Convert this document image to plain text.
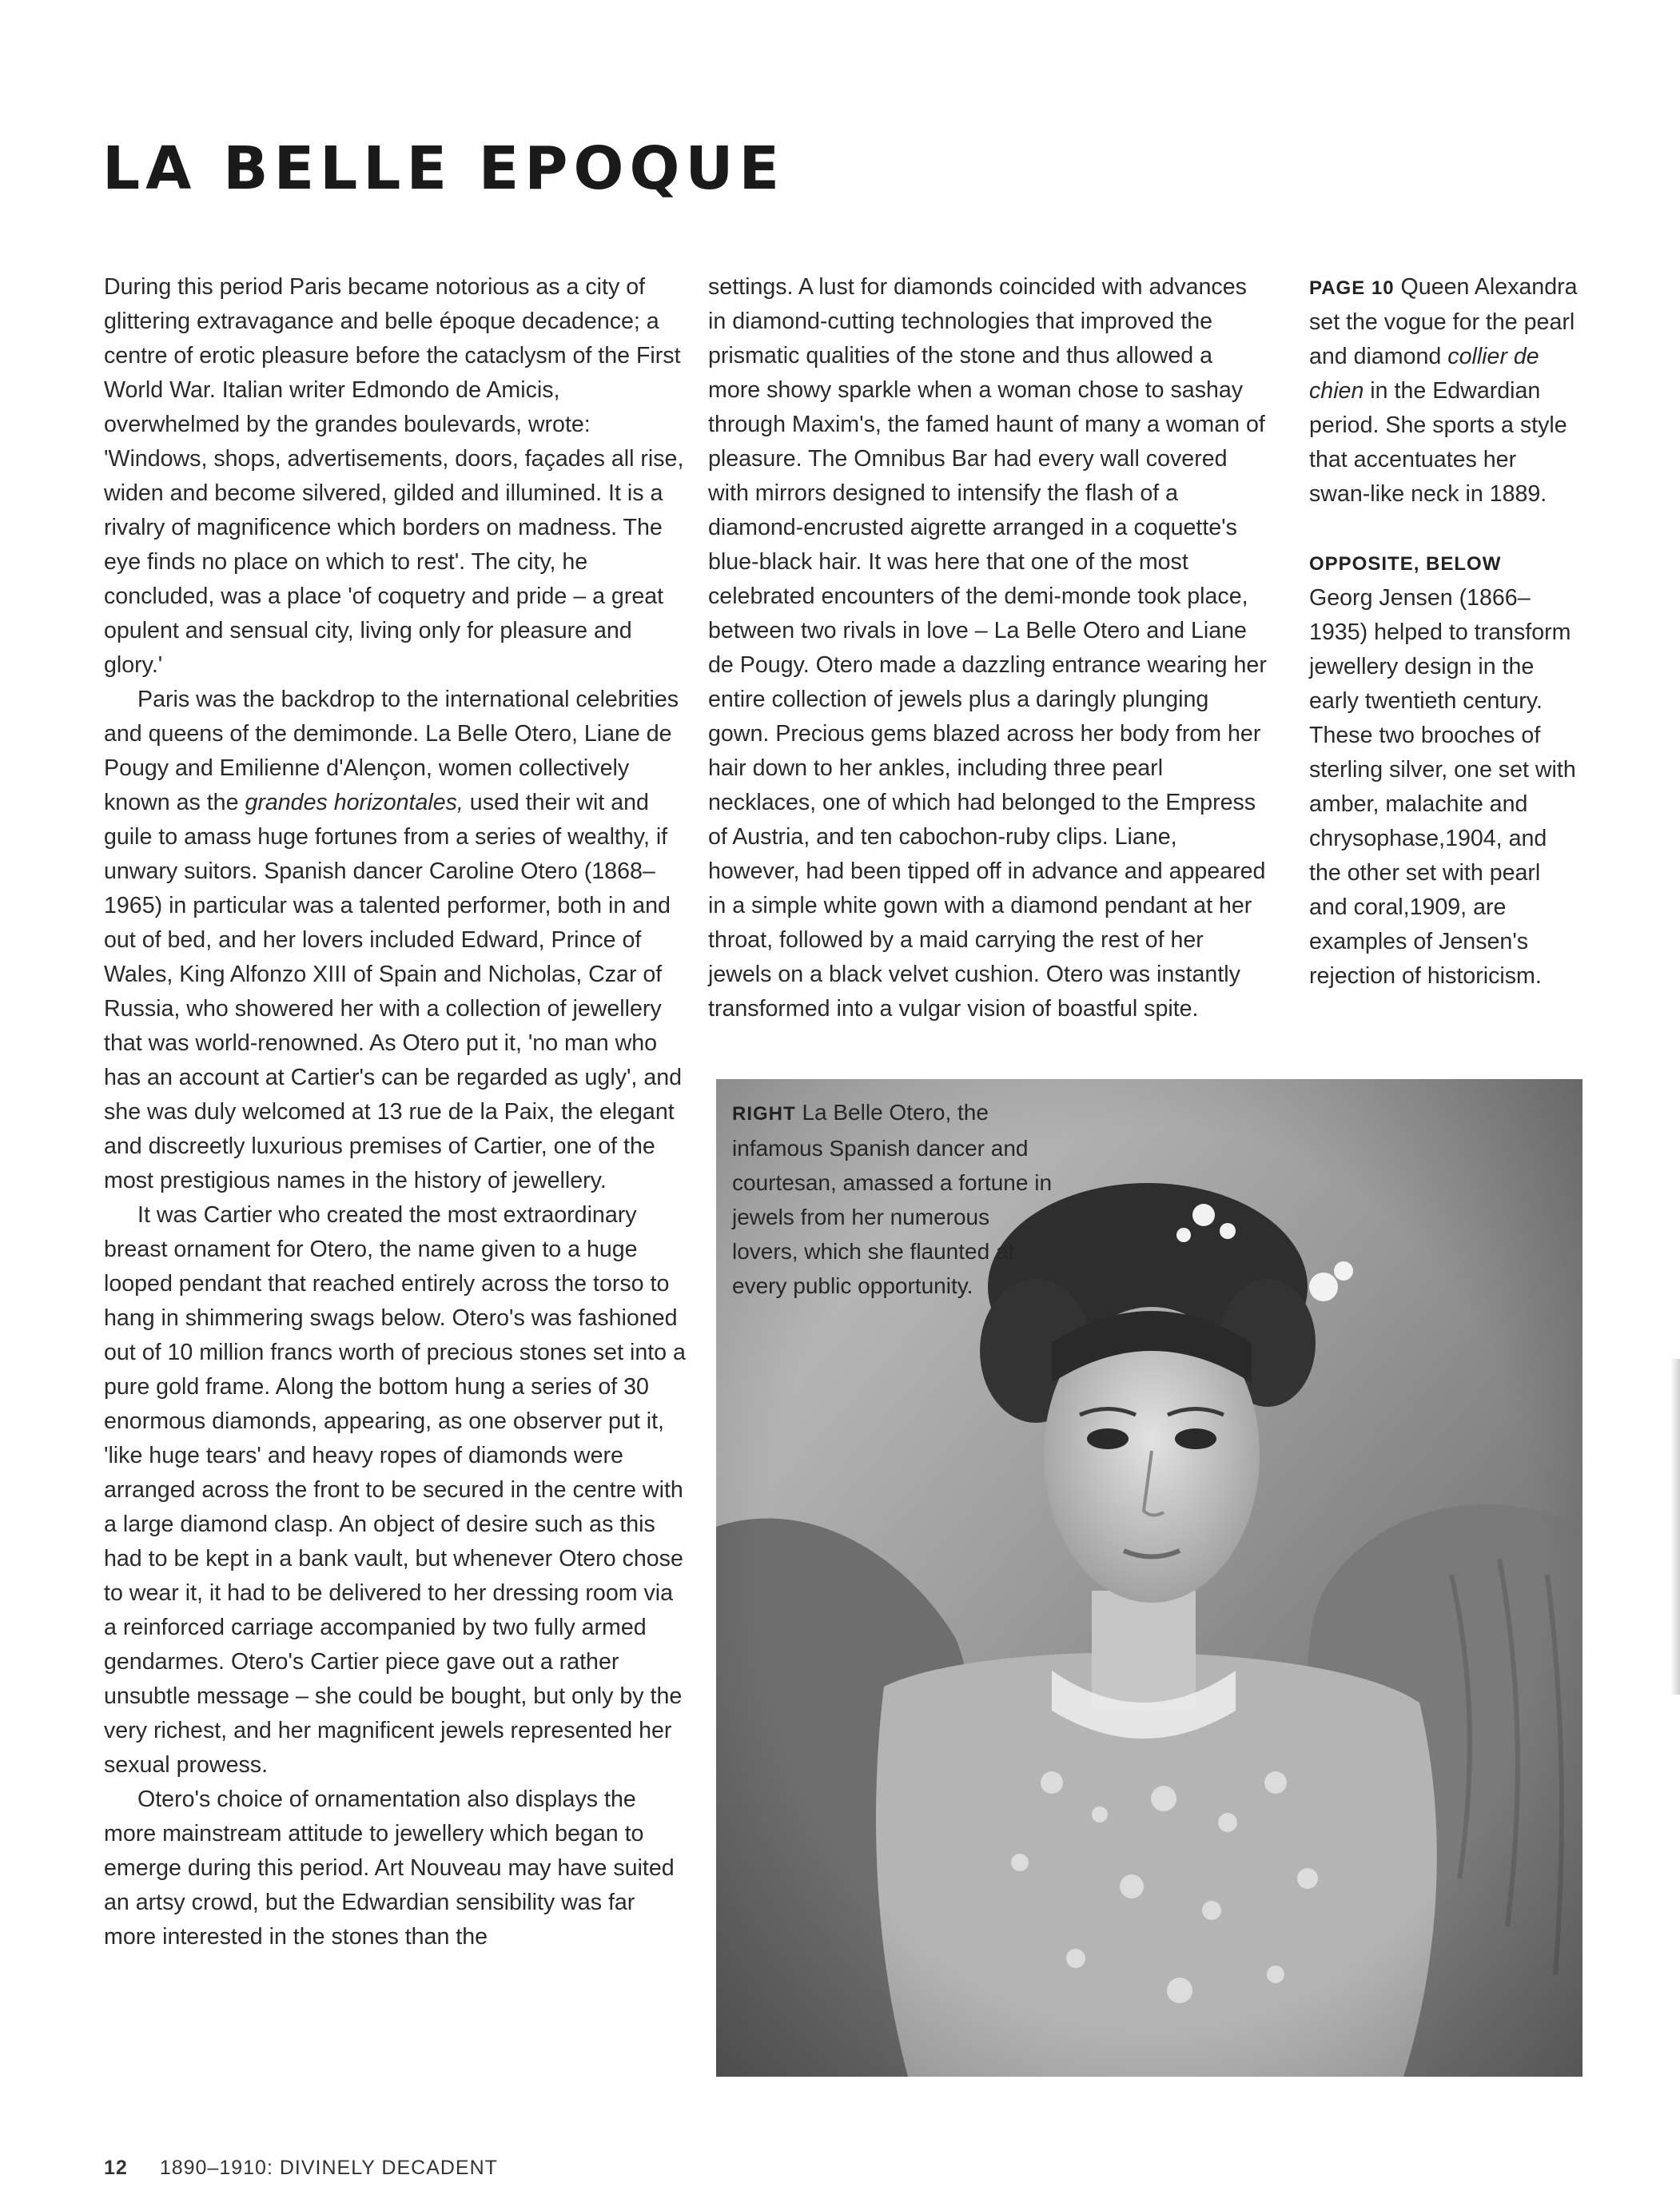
LA BELLE EPOQUE

During this period Paris became notorious as a city of glittering extravagance and belle époque decadence; a centre of erotic pleasure before the cataclysm of the First World War. Italian writer Edmondo de Amicis, overwhelmed by the grandes boulevards, wrote: 'Windows, shops, advertisements, doors, façades all rise, widen and become silvered, gilded and illumined. It is a rivalry of magnificence which borders on madness. The eye finds no place on which to rest'. The city, he concluded, was a place 'of coquetry and pride – a great opulent and sensual city, living only for pleasure and glory.'

Paris was the backdrop to the international celebrities and queens of the demimonde. La Belle Otero, Liane de Pougy and Emilienne d'Alençon, women collectively known as the grandes horizontales, used their wit and guile to amass huge fortunes from a series of wealthy, if unwary suitors. Spanish dancer Caroline Otero (1868–1965) in particular was a talented performer, both in and out of bed, and her lovers included Edward, Prince of Wales, King Alfonzo XIII of Spain and Nicholas, Czar of Russia, who showered her with a collection of jewellery that was world-renowned. As Otero put it, 'no man who has an account at Cartier's can be regarded as ugly', and she was duly welcomed at 13 rue de la Paix, the elegant and discreetly luxurious premises of Cartier, one of the most prestigious names in the history of jewellery.

It was Cartier who created the most extraordinary breast ornament for Otero, the name given to a huge looped pendant that reached entirely across the torso to hang in shimmering swags below. Otero's was fashioned out of 10 million francs worth of precious stones set into a pure gold frame. Along the bottom hung a series of 30 enormous diamonds, appearing, as one observer put it, 'like huge tears' and heavy ropes of diamonds were arranged across the front to be secured in the centre with a large diamond clasp. An object of desire such as this had to be kept in a bank vault, but whenever Otero chose to wear it, it had to be delivered to her dressing room via a reinforced carriage accompanied by two fully armed gendarmes. Otero's Cartier piece gave out a rather unsubtle message – she could be bought, but only by the very richest, and her magnificent jewels represented her sexual prowess.

Otero's choice of ornamentation also displays the more mainstream attitude to jewellery which began to emerge during this period. Art Nouveau may have suited an artsy crowd, but the Edwardian sensibility was far more interested in the stones than the

settings. A lust for diamonds coincided with advances in diamond-cutting technologies that improved the prismatic qualities of the stone and thus allowed a more showy sparkle when a woman chose to sashay through Maxim's, the famed haunt of many a woman of pleasure. The Omnibus Bar had every wall covered with mirrors designed to intensify the flash of a diamond-encrusted aigrette arranged in a coquette's blue-black hair. It was here that one of the most celebrated encounters of the demi-monde took place, between two rivals in love – La Belle Otero and Liane de Pougy. Otero made a dazzling entrance wearing her entire collection of jewels plus a daringly plunging gown. Precious gems blazed across her body from her hair down to her ankles, including three pearl necklaces, one of which had belonged to the Empress of Austria, and ten cabochon-ruby clips. Liane, however, had been tipped off in advance and appeared in a simple white gown with a diamond pendant at her throat, followed by a maid carrying the rest of her jewels on a black velvet cushion. Otero was instantly transformed into a vulgar vision of boastful spite.

PAGE 10 Queen Alexandra set the vogue for the pearl and diamond collier de chien in the Edwardian period. She sports a style that accentuates her swan-like neck in 1889.

OPPOSITE, BELOW

Georg Jensen (1866–1935) helped to transform jewellery design in the early twentieth century. These two brooches of sterling silver, one set with amber, malachite and chrysophase,1904, and the other set with pearl and coral,1909, are examples of Jensen's rejection of historicism.

RIGHT La Belle Otero, the infamous Spanish dancer and courtesan, amassed a fortune in jewels from her numerous lovers, which she flaunted at every public opportunity.
12 1890–1910: DIVINELY DECADENT
